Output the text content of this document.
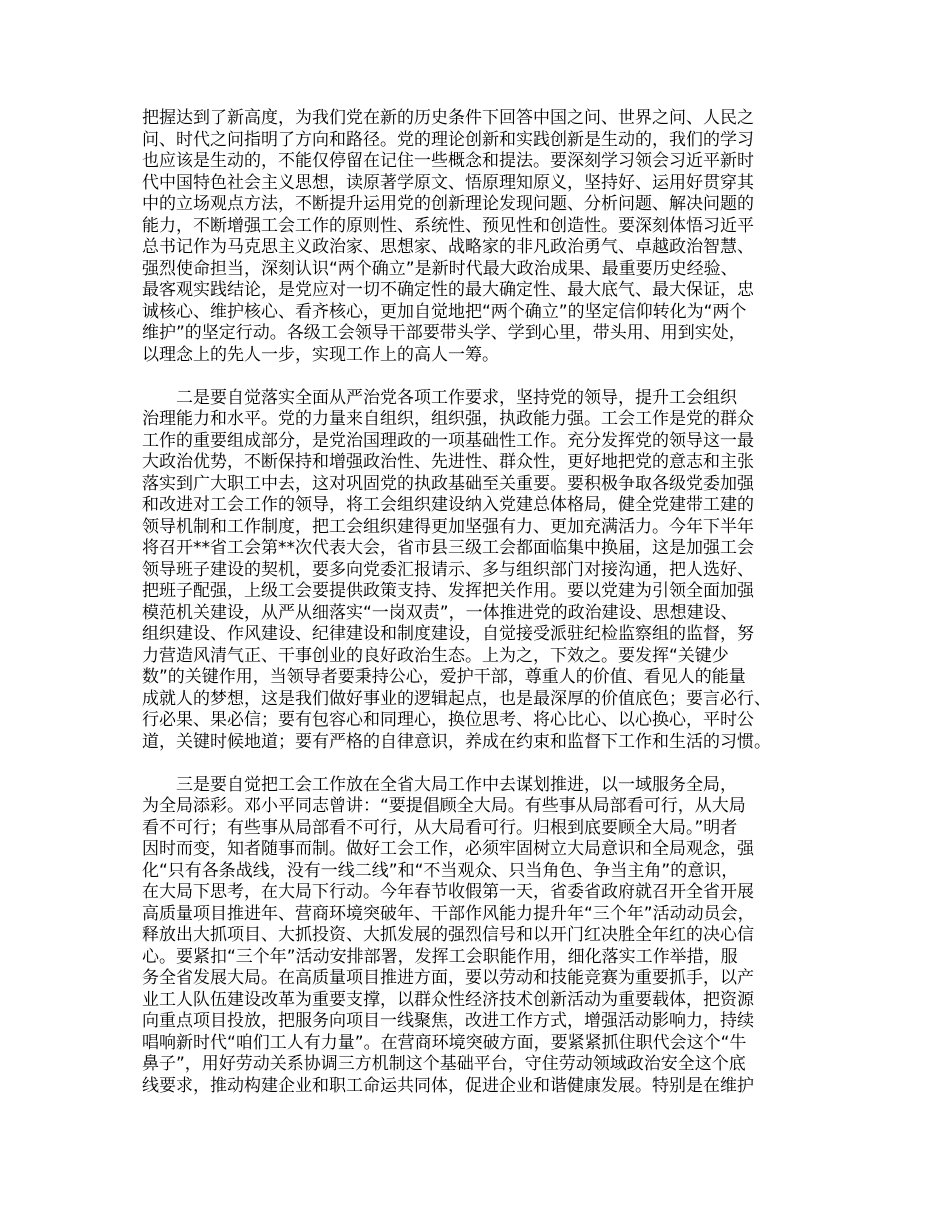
把握达到了新高度，为我们党在新的历史条件下回答中国之问、世界之问、人民之
问、时代之问指明了方向和路径。党的理论创新和实践创新是生动的，我们的学习
也应该是生动的，不能仅停留在记住一些概念和提法。要深刻学习领会习近平新时
代中国特色社会主义思想，读原著学原文、悟原理知原义，坚持好、运用好贯穿其
中的立场观点方法，不断提升运用党的创新理论发现问题、分析问题、解决问题的
能力，不断增强工会工作的原则性、系统性、预见性和创造性。要深刻体悟习近平
总书记作为马克思主义政治家、思想家、战略家的非凡政治勇气、卓越政治智慧、
强烈使命担当，深刻认识“两个确立”是新时代最大政治成果、最重要历史经验、
最客观实践结论，是党应对一切不确定性的最大确定性、最大底气、最大保证，忠
诚核心、维护核心、看齐核心，更加自觉地把“两个确立”的坚定信仰转化为“两个
维护”的坚定行动。各级工会领导干部要带头学、学到心里，带头用、用到实处，
以理念上的先人一步，实现工作上的高人一筹。

　　二是要自觉落实全面从严治党各项工作要求，坚持党的领导，提升工会组织
治理能力和水平。党的力量来自组织，组织强，执政能力强。工会工作是党的群众
工作的重要组成部分，是党治国理政的一项基础性工作。充分发挥党的领导这一最
大政治优势，不断保持和增强政治性、先进性、群众性，更好地把党的意志和主张
落实到广大职工中去，这对巩固党的执政基础至关重要。要积极争取各级党委加强
和改进对工会工作的领导，将工会组织建设纳入党建总体格局，健全党建带工建的
领导机制和工作制度，把工会组织建得更加坚强有力、更加充满活力。今年下半年
将召开**省工会第**次代表大会，省市县三级工会都面临集中换届，这是加强工会
领导班子建设的契机，要多向党委汇报请示、多与组织部门对接沟通，把人选好、
把班子配强，上级工会要提供政策支持、发挥把关作用。要以党建为引领全面加强
模范机关建设，从严从细落实“一岗双责”，一体推进党的政治建设、思想建设、
组织建设、作风建设、纪律建设和制度建设，自觉接受派驻纪检监察组的监督，努
力营造风清气正、干事创业的良好政治生态。上为之，下效之。要发挥“关键少
数”的关键作用，当领导者要秉持公心，爱护干部，尊重人的价值、看见人的能量
成就人的梦想，这是我们做好事业的逻辑起点，也是最深厚的价值底色；要言必行、
行必果、果必信；要有包容心和同理心，换位思考、将心比心、以心换心，平时公
道，关键时候地道；要有严格的自律意识，养成在约束和监督下工作和生活的习惯。

　　三是要自觉把工会工作放在全省大局工作中去谋划推进，以一域服务全局，
为全局添彩。邓小平同志曾讲：“要提倡顾全大局。有些事从局部看可行，从大局
看不可行；有些事从局部看不可行，从大局看可行。归根到底要顾全大局。”明者
因时而变，知者随事而制。做好工会工作，必须牢固树立大局意识和全局观念，强
化“只有各条战线，没有一线二线”和“不当观众、只当角色、争当主角”的意识，
在大局下思考，在大局下行动。今年春节收假第一天，省委省政府就召开全省开展
高质量项目推进年、营商环境突破年、干部作风能力提升年“三个年”活动动员会，
释放出大抓项目、大抓投资、大抓发展的强烈信号和以开门红决胜全年红的决心信
心。要紧扣“三个年”活动安排部署，发挥工会职能作用，细化落实工作举措，服
务全省发展大局。在高质量项目推进方面，要以劳动和技能竞赛为重要抓手，以产
业工人队伍建设改革为重要支撑，以群众性经济技术创新活动为重要载体，把资源
向重点项目投放，把服务向项目一线聚焦，改进工作方式，增强活动影响力，持续
唱响新时代“咱们工人有力量”。在营商环境突破方面，要紧紧抓住职代会这个“牛
鼻子”，用好劳动关系协调三方机制这个基础平台，守住劳动领域政治安全这个底
线要求，推动构建企业和职工命运共同体，促进企业和谐健康发展。特别是在维护
